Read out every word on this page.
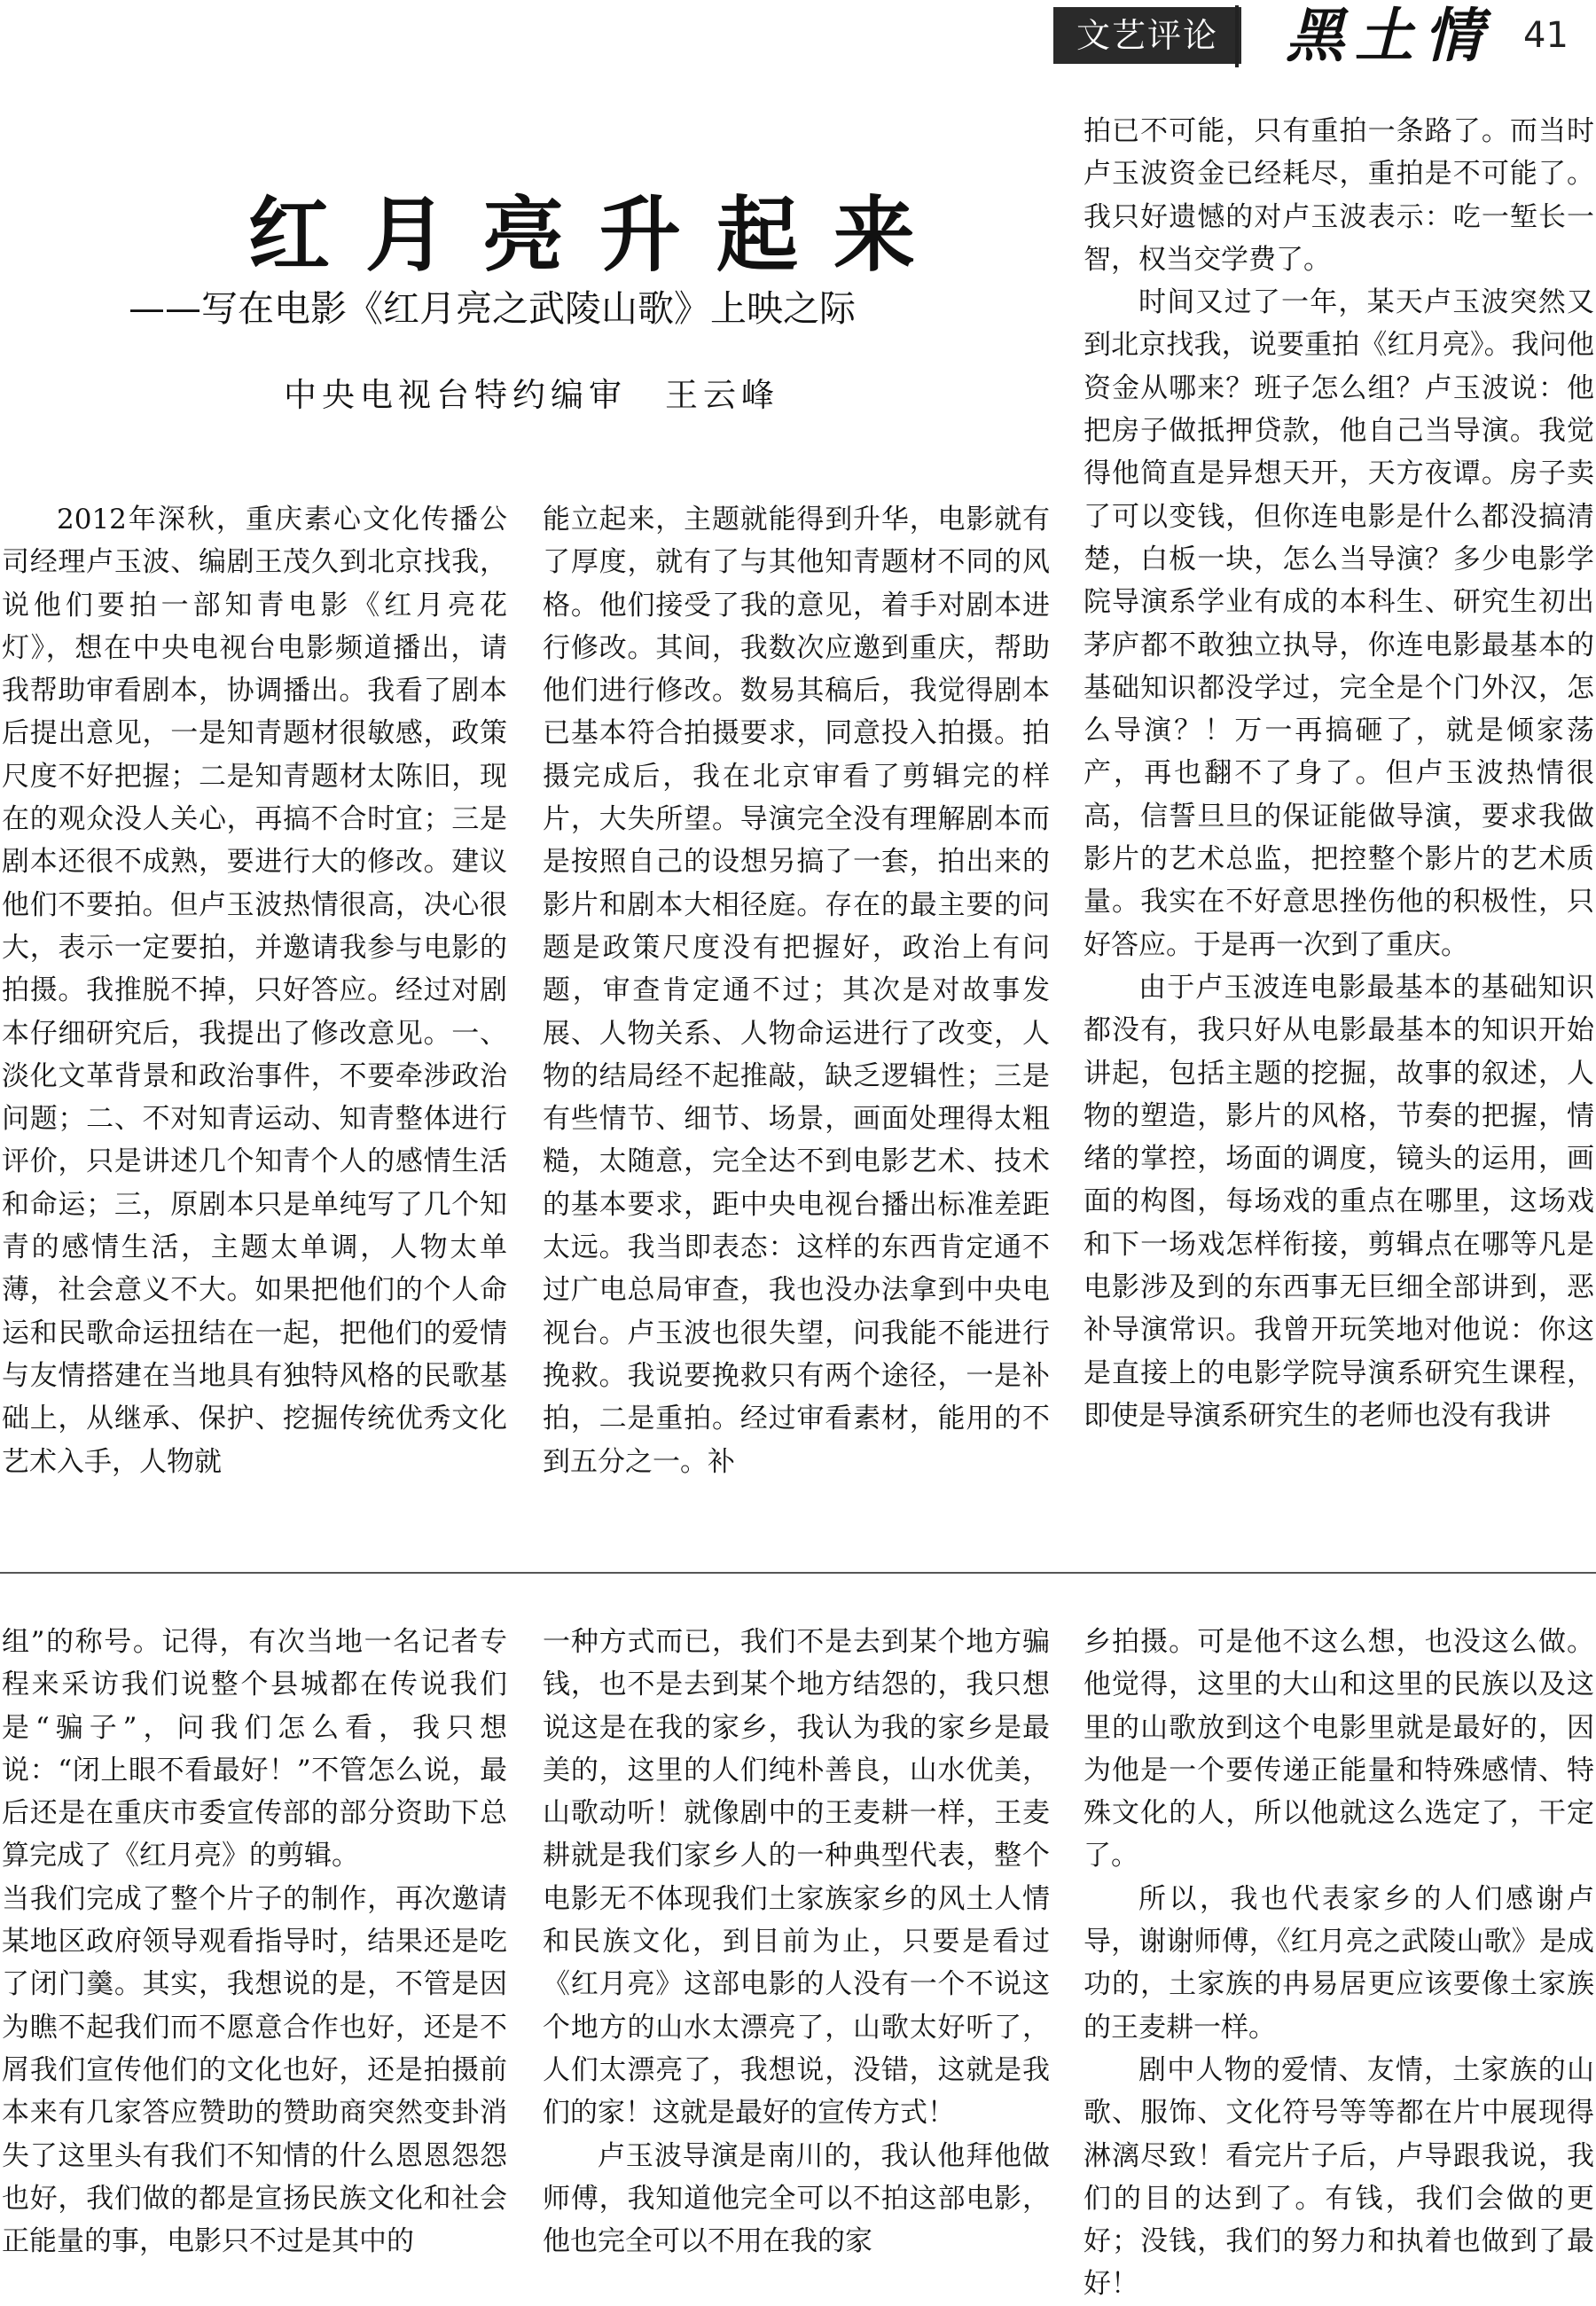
文艺评论	黑土情 41
红月亮升起来
——写在电影《红月亮之武陵山歌》上映之际
中央电视台特约编审　王云峰

2012年深秋，重庆素心文化传播公司经理卢玉波、编剧王茂久到北京找我，说他们要拍一部知青电影《红月亮花灯》，想在中央电视台电影频道播出，请我帮助审看剧本，协调播出。我看了剧本后提出意见，一是知青题材很敏感，政策尺度不好把握；二是知青题材太陈旧，现在的观众没人关心，再搞不合时宜；三是剧本还很不成熟，要进行大的修改。建议他们不要拍。但卢玉波热情很高，决心很大，表示一定要拍，并邀请我参与电影的拍摄。我推脱不掉，只好答应。经过对剧本仔细研究后，我提出了修改意见。一、淡化文革背景和政治事件，不要牵涉政治问题；二、不对知青运动、知青整体进行评价，只是讲述几个知青个人的感情生活和命运；三，原剧本只是单纯写了几个知青的感情生活，主题太单调，人物太单薄，社会意义不大。如果把他们的个人命运和民歌命运扭结在一起，把他们的爱情与友情搭建在当地具有独特风格的民歌基础上，从继承、保护、挖掘传统优秀文化艺术入手，人物就

能立起来，主题就能得到升华，电影就有了厚度，就有了与其他知青题材不同的风格。他们接受了我的意见，着手对剧本进行修改。其间，我数次应邀到重庆，帮助他们进行修改。数易其稿后，我觉得剧本已基本符合拍摄要求，同意投入拍摄。拍摄完成后，我在北京审看了剪辑完的样片，大失所望。导演完全没有理解剧本而是按照自己的设想另搞了一套，拍出来的影片和剧本大相径庭。存在的最主要的问题是政策尺度没有把握好，政治上有问题，审查肯定通不过；其次是对故事发展、人物关系、人物命运进行了改变，人物的结局经不起推敲，缺乏逻辑性；三是有些情节、细节、场景，画面处理得太粗糙，太随意，完全达不到电影艺术、技术的基本要求，距中央电视台播出标准差距太远。我当即表态：这样的东西肯定通不过广电总局审查，我也没办法拿到中央电视台。卢玉波也很失望，问我能不能进行挽救。我说要挽救只有两个途径，一是补拍，二是重拍。经过审看素材，能用的不到五分之一。补

拍已不可能，只有重拍一条路了。而当时卢玉波资金已经耗尽，重拍是不可能了。我只好遗憾的对卢玉波表示：吃一堑长一智，权当交学费了。

时间又过了一年，某天卢玉波突然又到北京找我，说要重拍《红月亮》。我问他资金从哪来？班子怎么组？卢玉波说：他把房子做抵押贷款，他自己当导演。我觉得他简直是异想天开，天方夜谭。房子卖了可以变钱，但你连电影是什么都没搞清楚，白板一块，怎么当导演？多少电影学院导演系学业有成的本科生、研究生初出茅庐都不敢独立执导，你连电影最基本的基础知识都没学过，完全是个门外汉，怎么导演？！万一再搞砸了，就是倾家荡产，再也翻不了身了。但卢玉波热情很高，信誓旦旦的保证能做导演，要求我做影片的艺术总监，把控整个影片的艺术质量。我实在不好意思挫伤他的积极性，只好答应。于是再一次到了重庆。

由于卢玉波连电影最基本的基础知识都没有，我只好从电影最基本的知识开始讲起，包括主题的挖掘，故事的叙述，人物的塑造，影片的风格，节奏的把握，情绪的掌控，场面的调度，镜头的运用，画面的构图，每场戏的重点在哪里，这场戏和下一场戏怎样衔接，剪辑点在哪等凡是电影涉及到的东西事无巨细全部讲到，恶补导演常识。我曾开玩笑地对他说：你这是直接上的电影学院导演系研究生课程，即使是导演系研究生的老师也没有我讲

组”的称号。记得，有次当地一名记者专程来采访我们说整个县城都在传说我们是“骗子”，问我们怎么看，我只想说：“闭上眼不看最好！”不管怎么说，最后还是在重庆市委宣传部的部分资助下总算完成了《红月亮》的剪辑。

当我们完成了整个片子的制作，再次邀请某地区政府领导观看指导时，结果还是吃了闭门羹。其实，我想说的是，不管是因为瞧不起我们而不愿意合作也好，还是不屑我们宣传他们的文化也好，还是拍摄前本来有几家答应赞助的赞助商突然变卦消失了这里头有我们不知情的什么恩恩怨怨也好，我们做的都是宣扬民族文化和社会正能量的事，电影只不过是其中的

一种方式而已，我们不是去到某个地方骗钱，也不是去到某个地方结怨的，我只想说这是在我的家乡，我认为我的家乡是最美的，这里的人们纯朴善良，山水优美，山歌动听！就像剧中的王麦耕一样，王麦耕就是我们家乡人的一种典型代表，整个电影无不体现我们土家族家乡的风土人情和民族文化，到目前为止，只要是看过《红月亮》这部电影的人没有一个不说这个地方的山水太漂亮了，山歌太好听了，人们太漂亮了，我想说，没错，这就是我们的家！这就是最好的宣传方式！

卢玉波导演是南川的，我认他拜他做师傅，我知道他完全可以不拍这部电影，他也完全可以不用在我的家

乡拍摄。可是他不这么想，也没这么做。他觉得，这里的大山和这里的民族以及这里的山歌放到这个电影里就是最好的，因为他是一个要传递正能量和特殊感情、特殊文化的人，所以他就这么选定了，干定了。

所以，我也代表家乡的人们感谢卢导，谢谢师傅，《红月亮之武陵山歌》是成功的，土家族的冉易居更应该要像土家族的王麦耕一样。

剧中人物的爱情、友情，土家族的山歌、服饰、文化符号等等都在片中展现得淋漓尽致！看完片子后，卢导跟我说，我们的目的达到了。有钱，我们会做的更好；没钱，我们的努力和执着也做到了最好！
